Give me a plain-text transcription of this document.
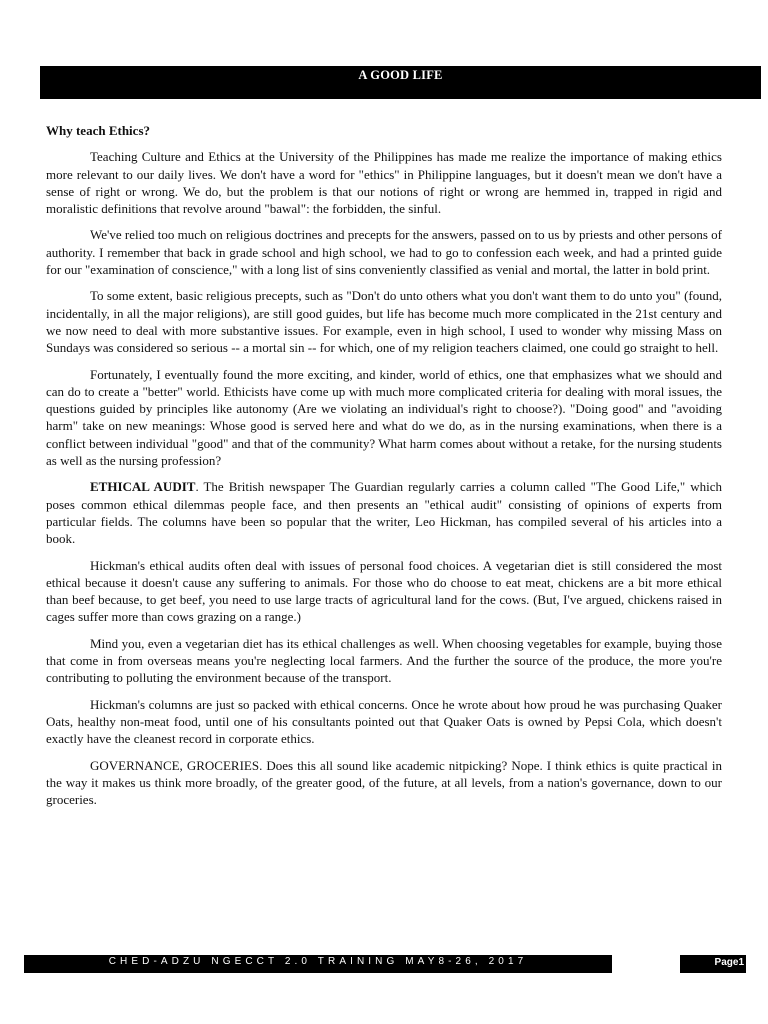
A GOOD LIFE

Why teach Ethics?

Teaching Culture and Ethics at the University of the Philippines has made me realize the importance of making ethics more relevant to our daily lives. We don't have a word for "ethics" in Philippine languages, but it doesn't mean we don't have a sense of right or wrong. We do, but the problem is that our notions of right or wrong are hemmed in, trapped in rigid and moralistic definitions that revolve around "bawal": the forbidden, the sinful.

We've relied too much on religious doctrines and precepts for the answers, passed on to us by priests and other persons of authority. I remember that back in grade school and high school, we had to go to confession each week, and had a printed guide for our "examination of conscience," with a long list of sins conveniently classified as venial and mortal, the latter in bold print.

To some extent, basic religious precepts, such as "Don't do unto others what you don't want them to do unto you" (found, incidentally, in all the major religions), are still good guides, but life has become much more complicated in the 21st century and we now need to deal with more substantive issues. For example, even in high school, I used to wonder why missing Mass on Sundays was considered so serious -- a mortal sin -- for which, one of my religion teachers claimed, one could go straight to hell.

Fortunately, I eventually found the more exciting, and kinder, world of ethics, one that emphasizes what we should and can do to create a "better" world. Ethicists have come up with much more complicated criteria for dealing with moral issues, the questions guided by principles like autonomy (Are we violating an individual's right to choose?). "Doing good" and "avoiding harm" take on new meanings: Whose good is served here and what do we do, as in the nursing examinations, when there is a conflict between individual "good" and that of the community? What harm comes about without a retake, for the nursing students as well as the nursing profession?

ETHICAL AUDIT. The British newspaper The Guardian regularly carries a column called "The Good Life," which poses common ethical dilemmas people face, and then presents an "ethical audit" consisting of opinions of experts from particular fields. The columns have been so popular that the writer, Leo Hickman, has compiled several of his articles into a book.

Hickman's ethical audits often deal with issues of personal food choices. A vegetarian diet is still considered the most ethical because it doesn't cause any suffering to animals. For those who do choose to eat meat, chickens are a bit more ethical than beef because, to get beef, you need to use large tracts of agricultural land for the cows. (But, I've argued, chickens raised in cages suffer more than cows grazing on a range.)

Mind you, even a vegetarian diet has its ethical challenges as well. When choosing vegetables for example, buying those that come in from overseas means you're neglecting local farmers. And the further the source of the produce, the more you're contributing to polluting the environment because of the transport.

Hickman's columns are just so packed with ethical concerns. Once he wrote about how proud he was purchasing Quaker Oats, healthy non-meat food, until one of his consultants pointed out that Quaker Oats is owned by Pepsi Cola, which doesn't exactly have the cleanest record in corporate ethics.

GOVERNANCE, GROCERIES. Does this all sound like academic nitpicking? Nope. I think ethics is quite practical in the way it makes us think more broadly, of the greater good, of the future, at all levels, from a nation's governance, down to our groceries.

CHED-ADZU NGECCT 2.0 TRAINING MAY8-26, 2017	Page1
